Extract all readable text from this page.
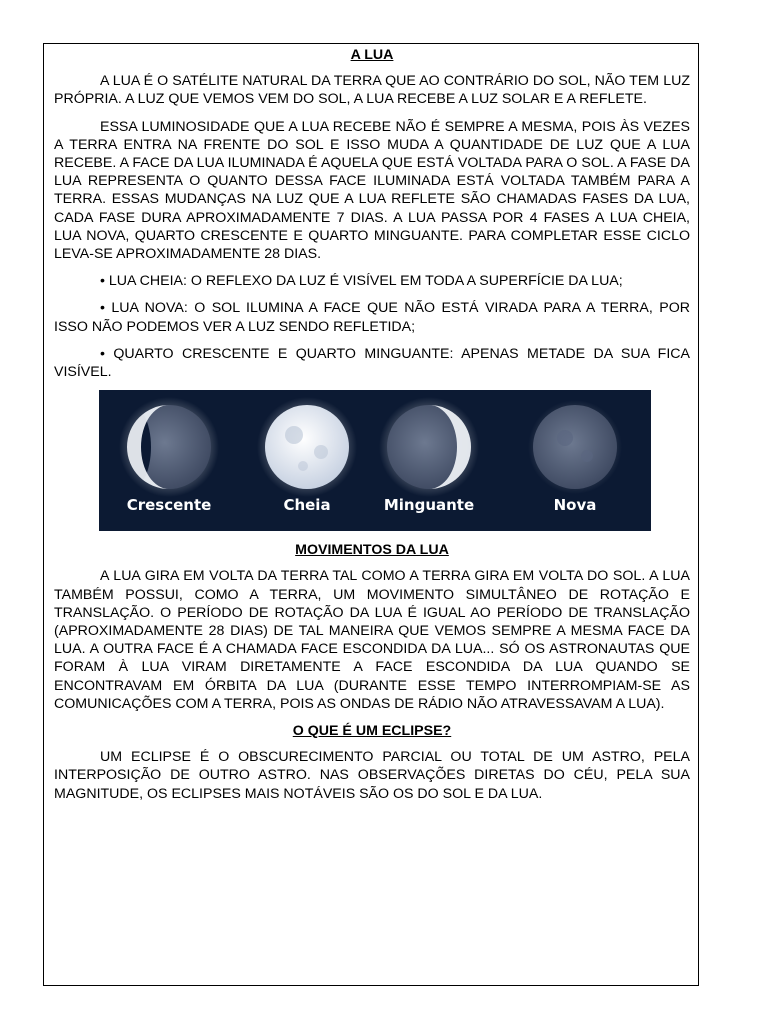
A LUA

A LUA É O SATÉLITE NATURAL DA TERRA QUE AO CONTRÁRIO DO SOL, NÃO TEM LUZ PRÓPRIA. A LUZ QUE VEMOS VEM DO SOL, A LUA RECEBE A LUZ SOLAR E A REFLETE.

ESSA LUMINOSIDADE QUE A LUA RECEBE NÃO É SEMPRE A MESMA, POIS ÀS VEZES A TERRA ENTRA NA FRENTE DO SOL E ISSO MUDA A QUANTIDADE DE LUZ QUE A LUA RECEBE. A FACE DA LUA ILUMINADA É AQUELA QUE ESTÁ VOLTADA PARA O SOL. A FASE DA LUA REPRESENTA O QUANTO DESSA FACE ILUMINADA ESTÁ VOLTADA TAMBÉM PARA A TERRA. ESSAS MUDANÇAS NA LUZ QUE A LUA REFLETE SÃO CHAMADAS FASES DA LUA, CADA FASE DURA APROXIMADAMENTE 7 DIAS. A LUA PASSA POR 4 FASES A LUA CHEIA, LUA NOVA, QUARTO CRESCENTE E QUARTO MINGUANTE. PARA COMPLETAR ESSE CICLO LEVA-SE APROXIMADAMENTE 28 DIAS.

• LUA CHEIA: O REFLEXO DA LUZ É VISÍVEL EM TODA A SUPERFÍCIE DA LUA;

• LUA NOVA: O SOL ILUMINA A FACE QUE NÃO ESTÁ VIRADA PARA A TERRA, POR ISSO NÃO PODEMOS VER A LUZ SENDO REFLETIDA;

• QUARTO CRESCENTE E QUARTO MINGUANTE: APENAS METADE DA SUA FICA VISÍVEL.

Crescente	Cheia	Minguante	Nova
MOVIMENTOS DA LUA

A LUA GIRA EM VOLTA DA TERRA TAL COMO A TERRA GIRA EM VOLTA DO SOL. A LUA TAMBÉM POSSUI, COMO A TERRA, UM MOVIMENTO SIMULTÂNEO DE ROTAÇÃO E TRANSLAÇÃO. O PERÍODO DE ROTAÇÃO DA LUA É IGUAL AO PERÍODO DE TRANSLAÇÃO (APROXIMADAMENTE 28 DIAS) DE TAL MANEIRA QUE VEMOS SEMPRE A MESMA FACE DA LUA. A OUTRA FACE É A CHAMADA FACE ESCONDIDA DA LUA... SÓ OS ASTRONAUTAS QUE FORAM À LUA VIRAM DIRETAMENTE A FACE ESCONDIDA DA LUA QUANDO SE ENCONTRAVAM EM ÓRBITA DA LUA (DURANTE ESSE TEMPO INTERROMPIAM-SE AS COMUNICAÇÕES COM A TERRA, POIS AS ONDAS DE RÁDIO NÃO ATRAVESSAVAM A LUA).

O QUE É UM ECLIPSE?

UM ECLIPSE É O OBSCURECIMENTO PARCIAL OU TOTAL DE UM ASTRO, PELA INTERPOSIÇÃO DE OUTRO ASTRO. NAS OBSERVAÇÕES DIRETAS DO CÉU, PELA SUA MAGNITUDE, OS ECLIPSES MAIS NOTÁVEIS SÃO OS DO SOL E DA LUA.
